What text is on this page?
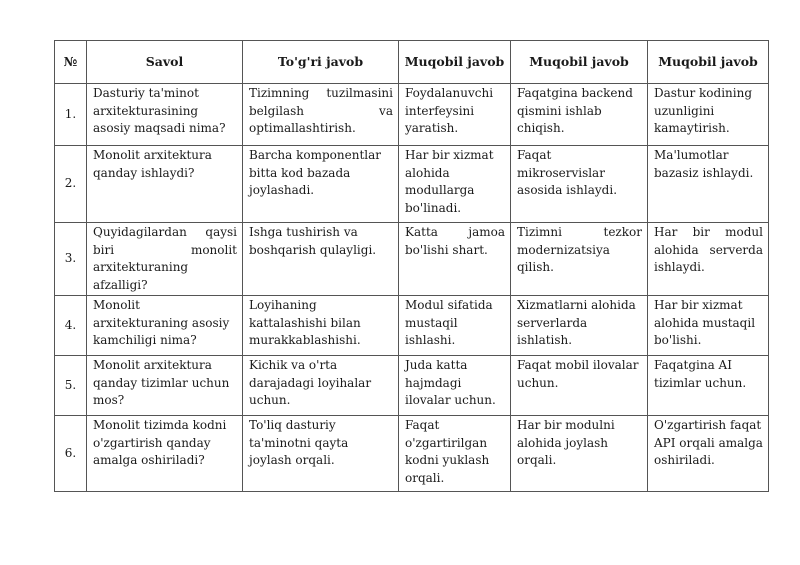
№	Savol	To'g'ri javob	Muqobil javob	Muqobil javob	Muqobil javob
1.	Dasturiy ta'minot arxitekturasining asosiy maqsadi nima?	Tizimning tuzilmasini belgilash va optimallashtirish.	Foydalanuvchi interfeysini yaratish.	Faqatgina backend qismini ishlab chiqish.	Dastur kodining uzunligini kamaytirish.
2.	Monolit arxitektura qanday ishlaydi?	Barcha komponentlar bitta kod bazada joylashadi.	Har bir xizmat alohida modullarga bo'linadi.	Faqat mikroservislar asosida ishlaydi.	Ma'lumotlar bazasiz ishlaydi.
3.	Quyidagilardan qaysi biri monolit arxitekturaning afzalligi?	Ishga tushirish va boshqarish qulayligi.	Katta jamoa bo'lishi shart.	Tizimni tezkor modernizatsiya qilish.	Har bir modul alohida serverda ishlaydi.
4.	Monolit arxitekturaning asosiy kamchiligi nima?	Loyihaning kattalashishi bilan murakkablashishi.	Modul sifatida mustaqil ishlashi.	Xizmatlarni alohida serverlarda ishlatish.	Har bir xizmat alohida mustaqil bo'lishi.
5.	Monolit arxitektura qanday tizimlar uchun mos?	Kichik va o'rta darajadagi loyihalar uchun.	Juda katta hajmdagi ilovalar uchun.	Faqat mobil ilovalar uchun.	Faqatgina AI tizimlar uchun.
6.	Monolit tizimda kodni o'zgartirish qanday amalga oshiriladi?	To'liq dasturiy ta'minotni qayta joylash orqali.	Faqat o'zgartirilgan kodni yuklash orqali.	Har bir modulni alohida joylash orqali.	O'zgartirish faqat API orqali amalga oshiriladi.
